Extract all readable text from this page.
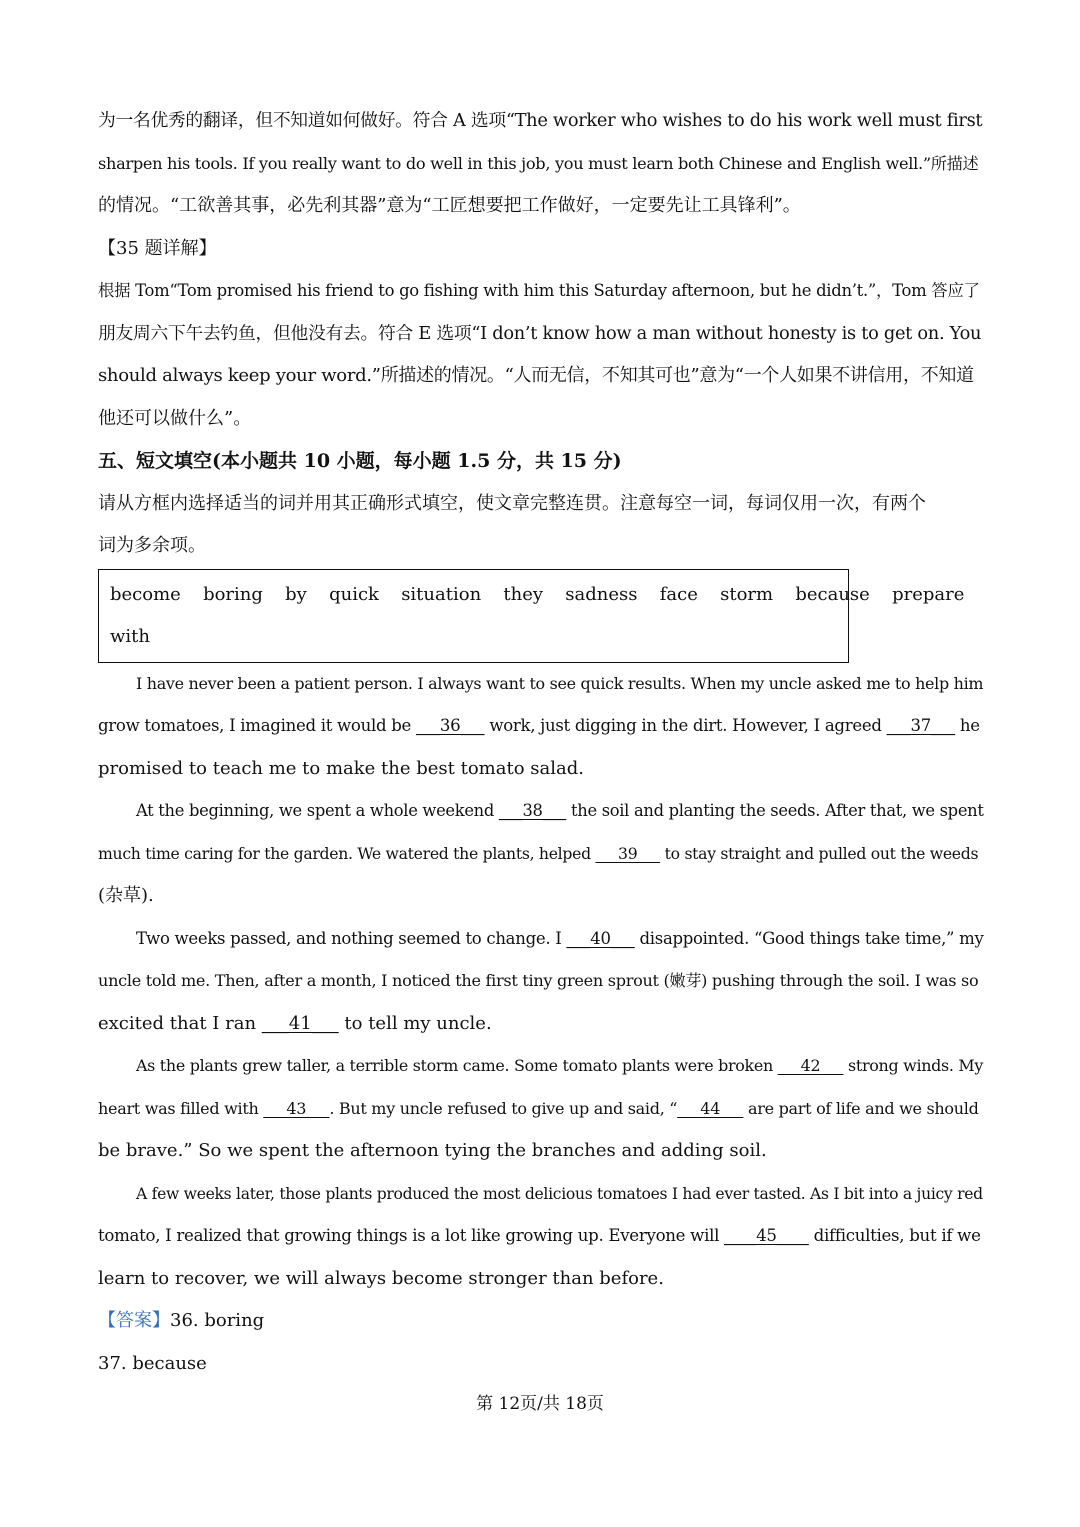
为一名优秀的翻译，但不知道如何做好。符合 A 选项“The worker who wishes to do his work well must first
sharpen his tools. If you really want to do well in this job, you must learn both Chinese and English well.”所描述
的情况。“工欲善其事，必先利其器”意为“工匠想要把工作做好，一定要先让工具锋利”。
【35 题详解】
根据 Tom“Tom promised his friend to go fishing with him this Saturday afternoon, but he didn’t.”，Tom 答应了
朋友周六下午去钓鱼，但他没有去。符合 E 选项“I don’t know how a man without honesty is to get on. You
should always keep your word.”所描述的情况。“人而无信，不知其可也”意为“一个人如果不讲信用，不知道
他还可以做什么”。
五、短文填空(本小题共 10 小题，每小题 1.5 分，共 15 分)
请从方框内选择适当的词并用其正确形式填空，使文章完整连贯。注意每空一词，每词仅用一次，有两个
词为多余项。
become boring by quick situation they sadness face storm because prepare
with
I have never been a patient person. I always want to see quick results. When my uncle asked me to help him
grow tomatoes, I imagined it would be ___36___ work, just digging in the dirt. However, I agreed ___37___ he
promised to teach me to make the best tomato salad.
At the beginning, we spent a whole weekend ___38___ the soil and planting the seeds. After that, we spent
much time caring for the garden. We watered the plants, helped ___39___ to stay straight and pulled out the weeds
(杂草).
Two weeks passed, and nothing seemed to change. I ___40___ disappointed. “Good things take time,” my
uncle told me. Then, after a month, I noticed the first tiny green sprout (嫩芽) pushing through the soil. I was so
excited that I ran ___41___ to tell my uncle.
As the plants grew taller, a terrible storm came. Some tomato plants were broken ___42___ strong winds. My
heart was filled with ___43___. But my uncle refused to give up and said, “___44___ are part of life and we should
be brave.” So we spent the afternoon tying the branches and adding soil.
A few weeks later, those plants produced the most delicious tomatoes I had ever tasted. As I bit into a juicy red
tomato, I realized that growing things is a lot like growing up. Everyone will ____45____ difficulties, but if we
learn to recover, we will always become stronger than before.
【答案】36. boring
37. because
第 12页/共 18页
